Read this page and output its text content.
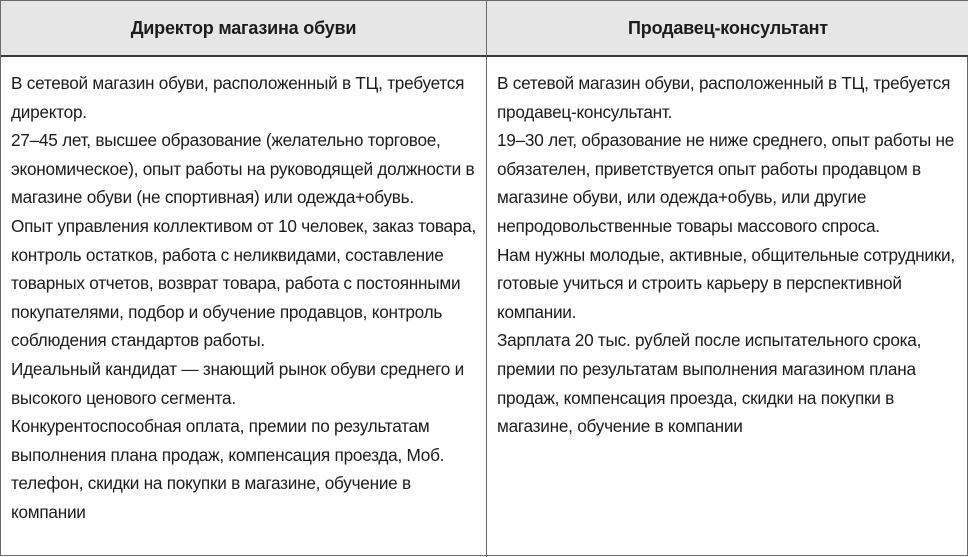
Директор магазина обуви	Продавец-консультант

В сетевой магазин обуви, расположенный в ТЦ, требуется директор.

27–45 лет, высшее образование (желательно торговое, экономическое), опыт работы на руководящей должности в магазине обуви (не спортивная) или одежда+обувь.

Опыт управления коллективом от 10 человек, заказ товара, контроль остатков, работа с неликвидами, составление товарных отчетов, возврат товара, работа с постоянными покупателями, подбор и обучение продавцов, контроль соблюдения стандартов работы.

Идеальный кандидат — знающий рынок обуви среднего и высокого ценового сегмента.

Конкурентоспособная оплата, премии по результатам выполнения плана продаж, компенсация проезда, Моб. телефон, скидки на покупки в магазине, обучение в компании

В сетевой магазин обуви, расположенный в ТЦ, требуется продавец-консультант.

19–30 лет, образование не ниже среднего, опыт работы не обязателен, приветствуется опыт работы продавцом в магазине обуви, или одежда+обувь, или другие непродовольственные товары массового спроса.

Нам нужны молодые, активные, общительные сотрудники, готовые учиться и строить карьеру в перспективной компании.

Зарплата 20 тыс. рублей после испытательного срока, премии по результатам выполнения магазином плана продаж, компенсация проезда, скидки на покупки в магазине, обучение в компании
